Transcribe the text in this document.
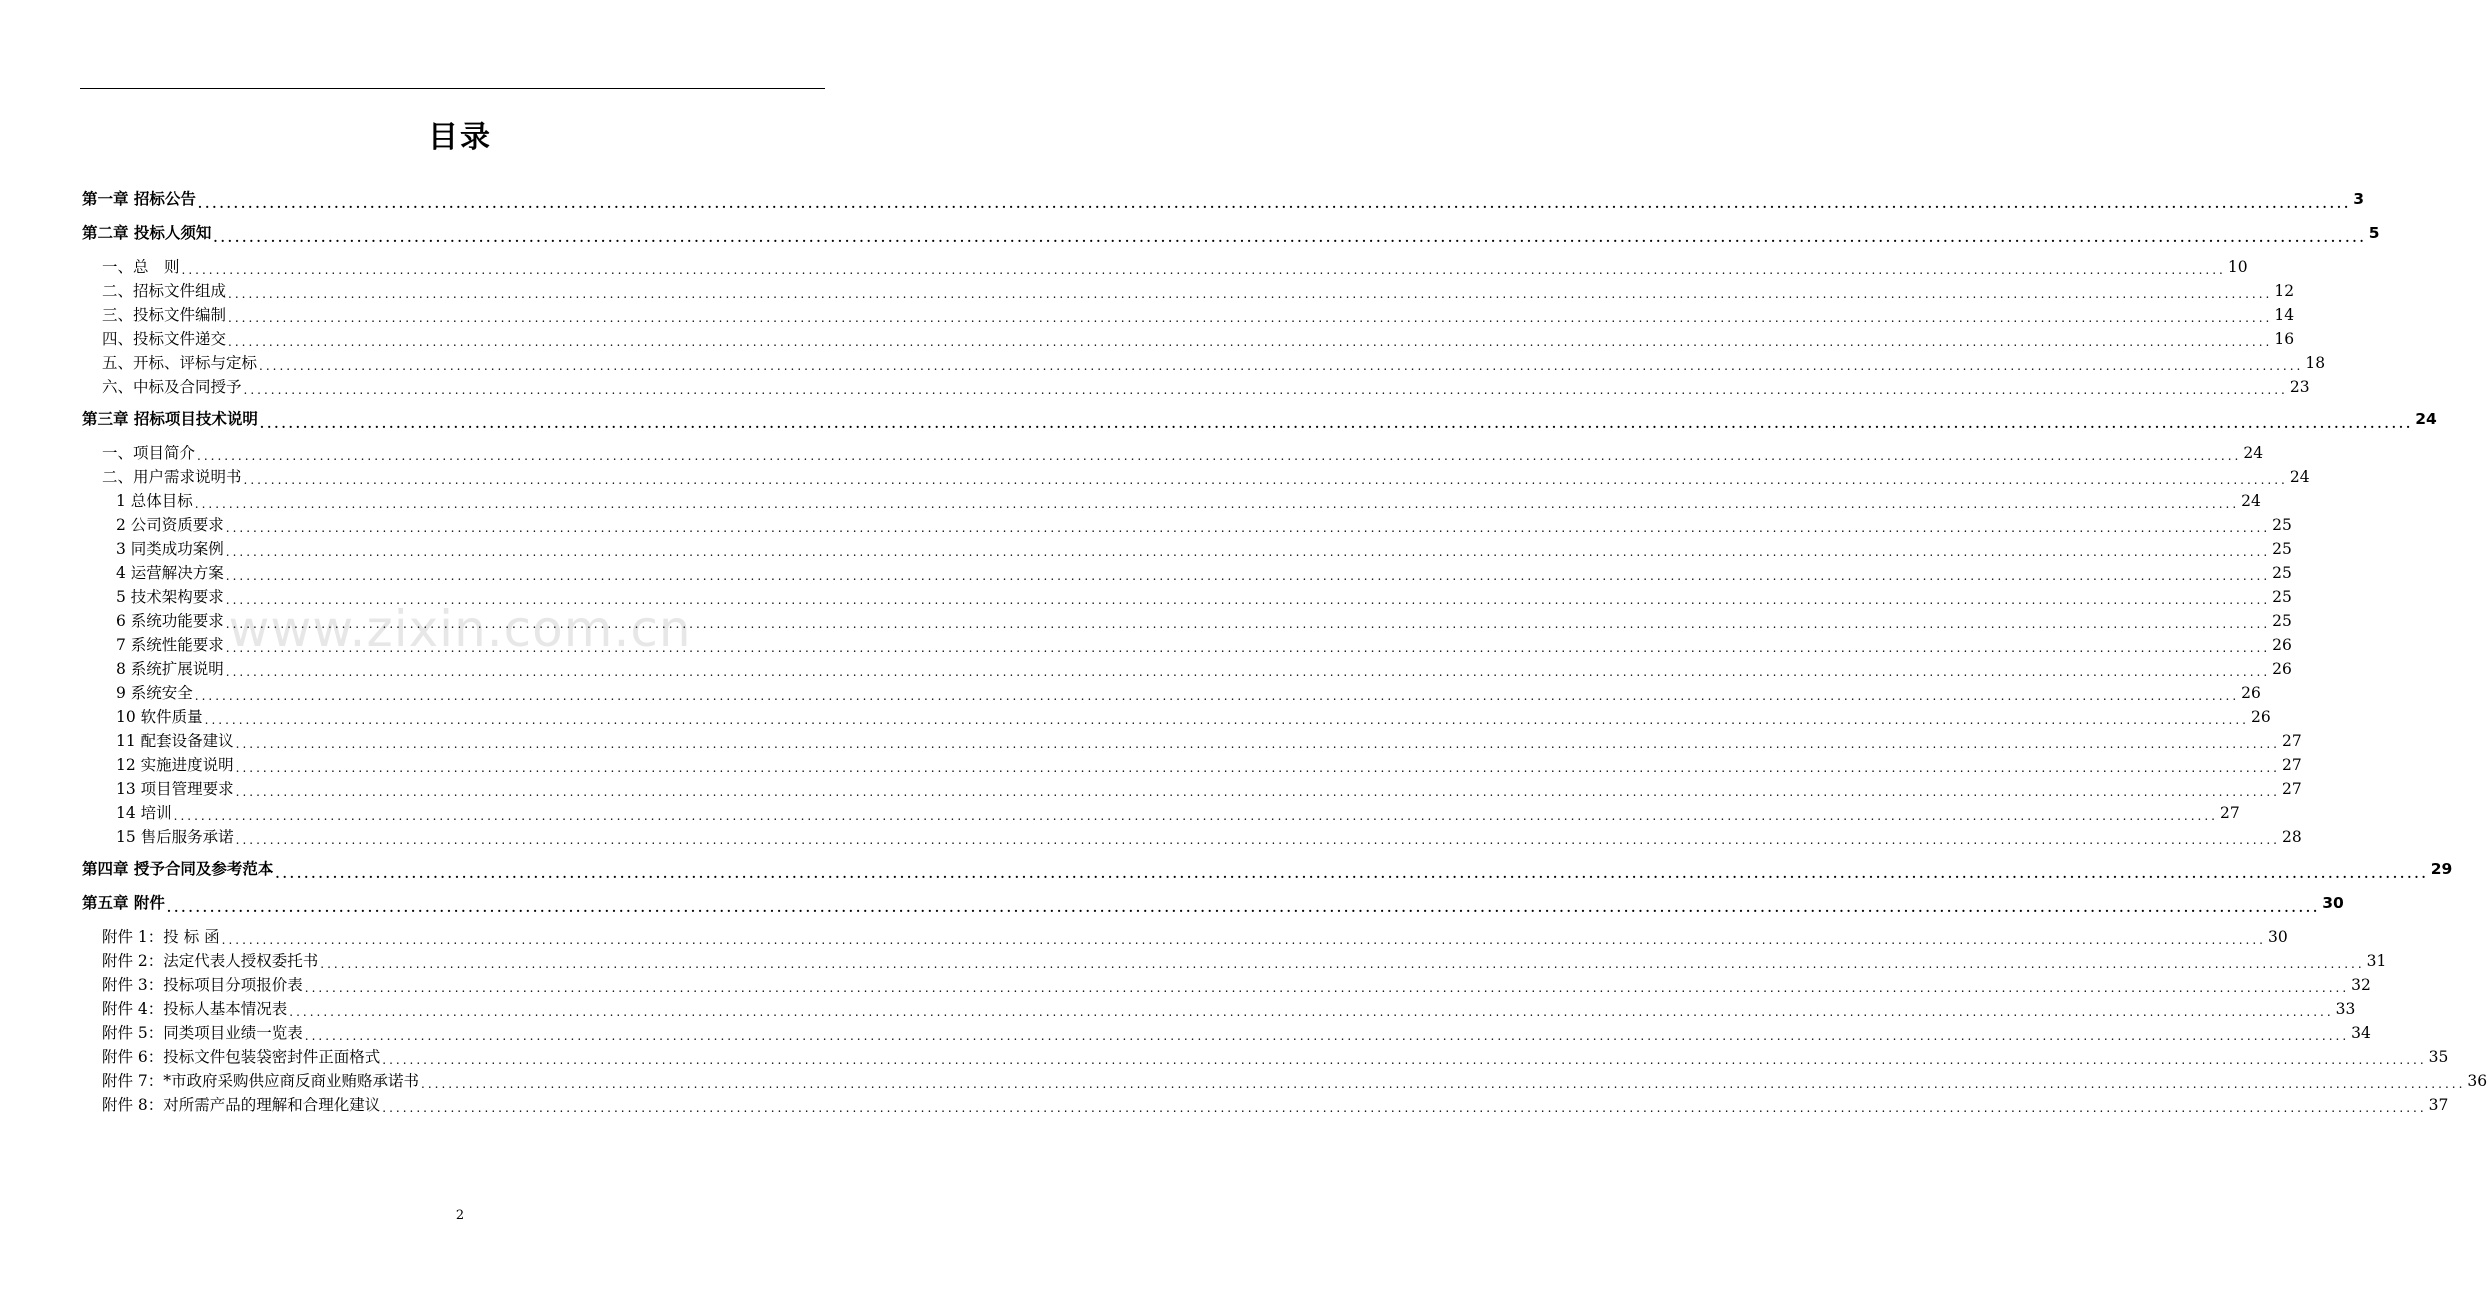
目录
www.zixin.com.cn
第一章 招标公告 ............................................................................................................................................................................................................................................................................................................ 3
第二章 投标人须知 ............................................................................................................................................................................................................................................................................................................ 5
一、总　则 ............................................................................................................................................................................................................................................................................................................ 10
二、招标文件组成 ............................................................................................................................................................................................................................................................................................................ 12
三、投标文件编制 ............................................................................................................................................................................................................................................................................................................ 14
四、投标文件递交 ............................................................................................................................................................................................................................................................................................................ 16
五、开标、评标与定标 ............................................................................................................................................................................................................................................................................................................ 18
六、中标及合同授予 ............................................................................................................................................................................................................................................................................................................ 23
第三章 招标项目技术说明 ............................................................................................................................................................................................................................................................................................................ 24
一、项目简介 ............................................................................................................................................................................................................................................................................................................ 24
二、用户需求说明书 ............................................................................................................................................................................................................................................................................................................ 24
1 总体目标 ............................................................................................................................................................................................................................................................................................................ 24
2 公司资质要求 ............................................................................................................................................................................................................................................................................................................ 25
3 同类成功案例 ............................................................................................................................................................................................................................................................................................................ 25
4 运营解决方案 ............................................................................................................................................................................................................................................................................................................ 25
5 技术架构要求 ............................................................................................................................................................................................................................................................................................................ 25
6 系统功能要求 ............................................................................................................................................................................................................................................................................................................ 25
7 系统性能要求 ............................................................................................................................................................................................................................................................................................................ 26
8 系统扩展说明 ............................................................................................................................................................................................................................................................................................................ 26
9 系统安全 ............................................................................................................................................................................................................................................................................................................ 26
10 软件质量 ............................................................................................................................................................................................................................................................................................................ 26
11 配套设备建议 ............................................................................................................................................................................................................................................................................................................ 27
12 实施进度说明 ............................................................................................................................................................................................................................................................................................................ 27
13 项目管理要求 ............................................................................................................................................................................................................................................................................................................ 27
14 培训 ............................................................................................................................................................................................................................................................................................................ 27
15 售后服务承诺 ............................................................................................................................................................................................................................................................................................................ 28
第四章 授予合同及参考范本 ............................................................................................................................................................................................................................................................................................................ 29
第五章 附件 ............................................................................................................................................................................................................................................................................................................ 30
附件 1：投 标 函 ............................................................................................................................................................................................................................................................................................................ 30
附件 2：法定代表人授权委托书 ............................................................................................................................................................................................................................................................................................................ 31
附件 3：投标项目分项报价表 ............................................................................................................................................................................................................................................................................................................ 32
附件 4：投标人基本情况表 ............................................................................................................................................................................................................................................................................................................ 33
附件 5：同类项目业绩一览表 ............................................................................................................................................................................................................................................................................................................ 34
附件 6：投标文件包装袋密封件正面格式 ............................................................................................................................................................................................................................................................................................................ 35
附件 7：*市政府采购供应商反商业贿赂承诺书 ............................................................................................................................................................................................................................................................................................................ 36
附件 8：对所需产品的理解和合理化建议 ............................................................................................................................................................................................................................................................................................................ 37
2
